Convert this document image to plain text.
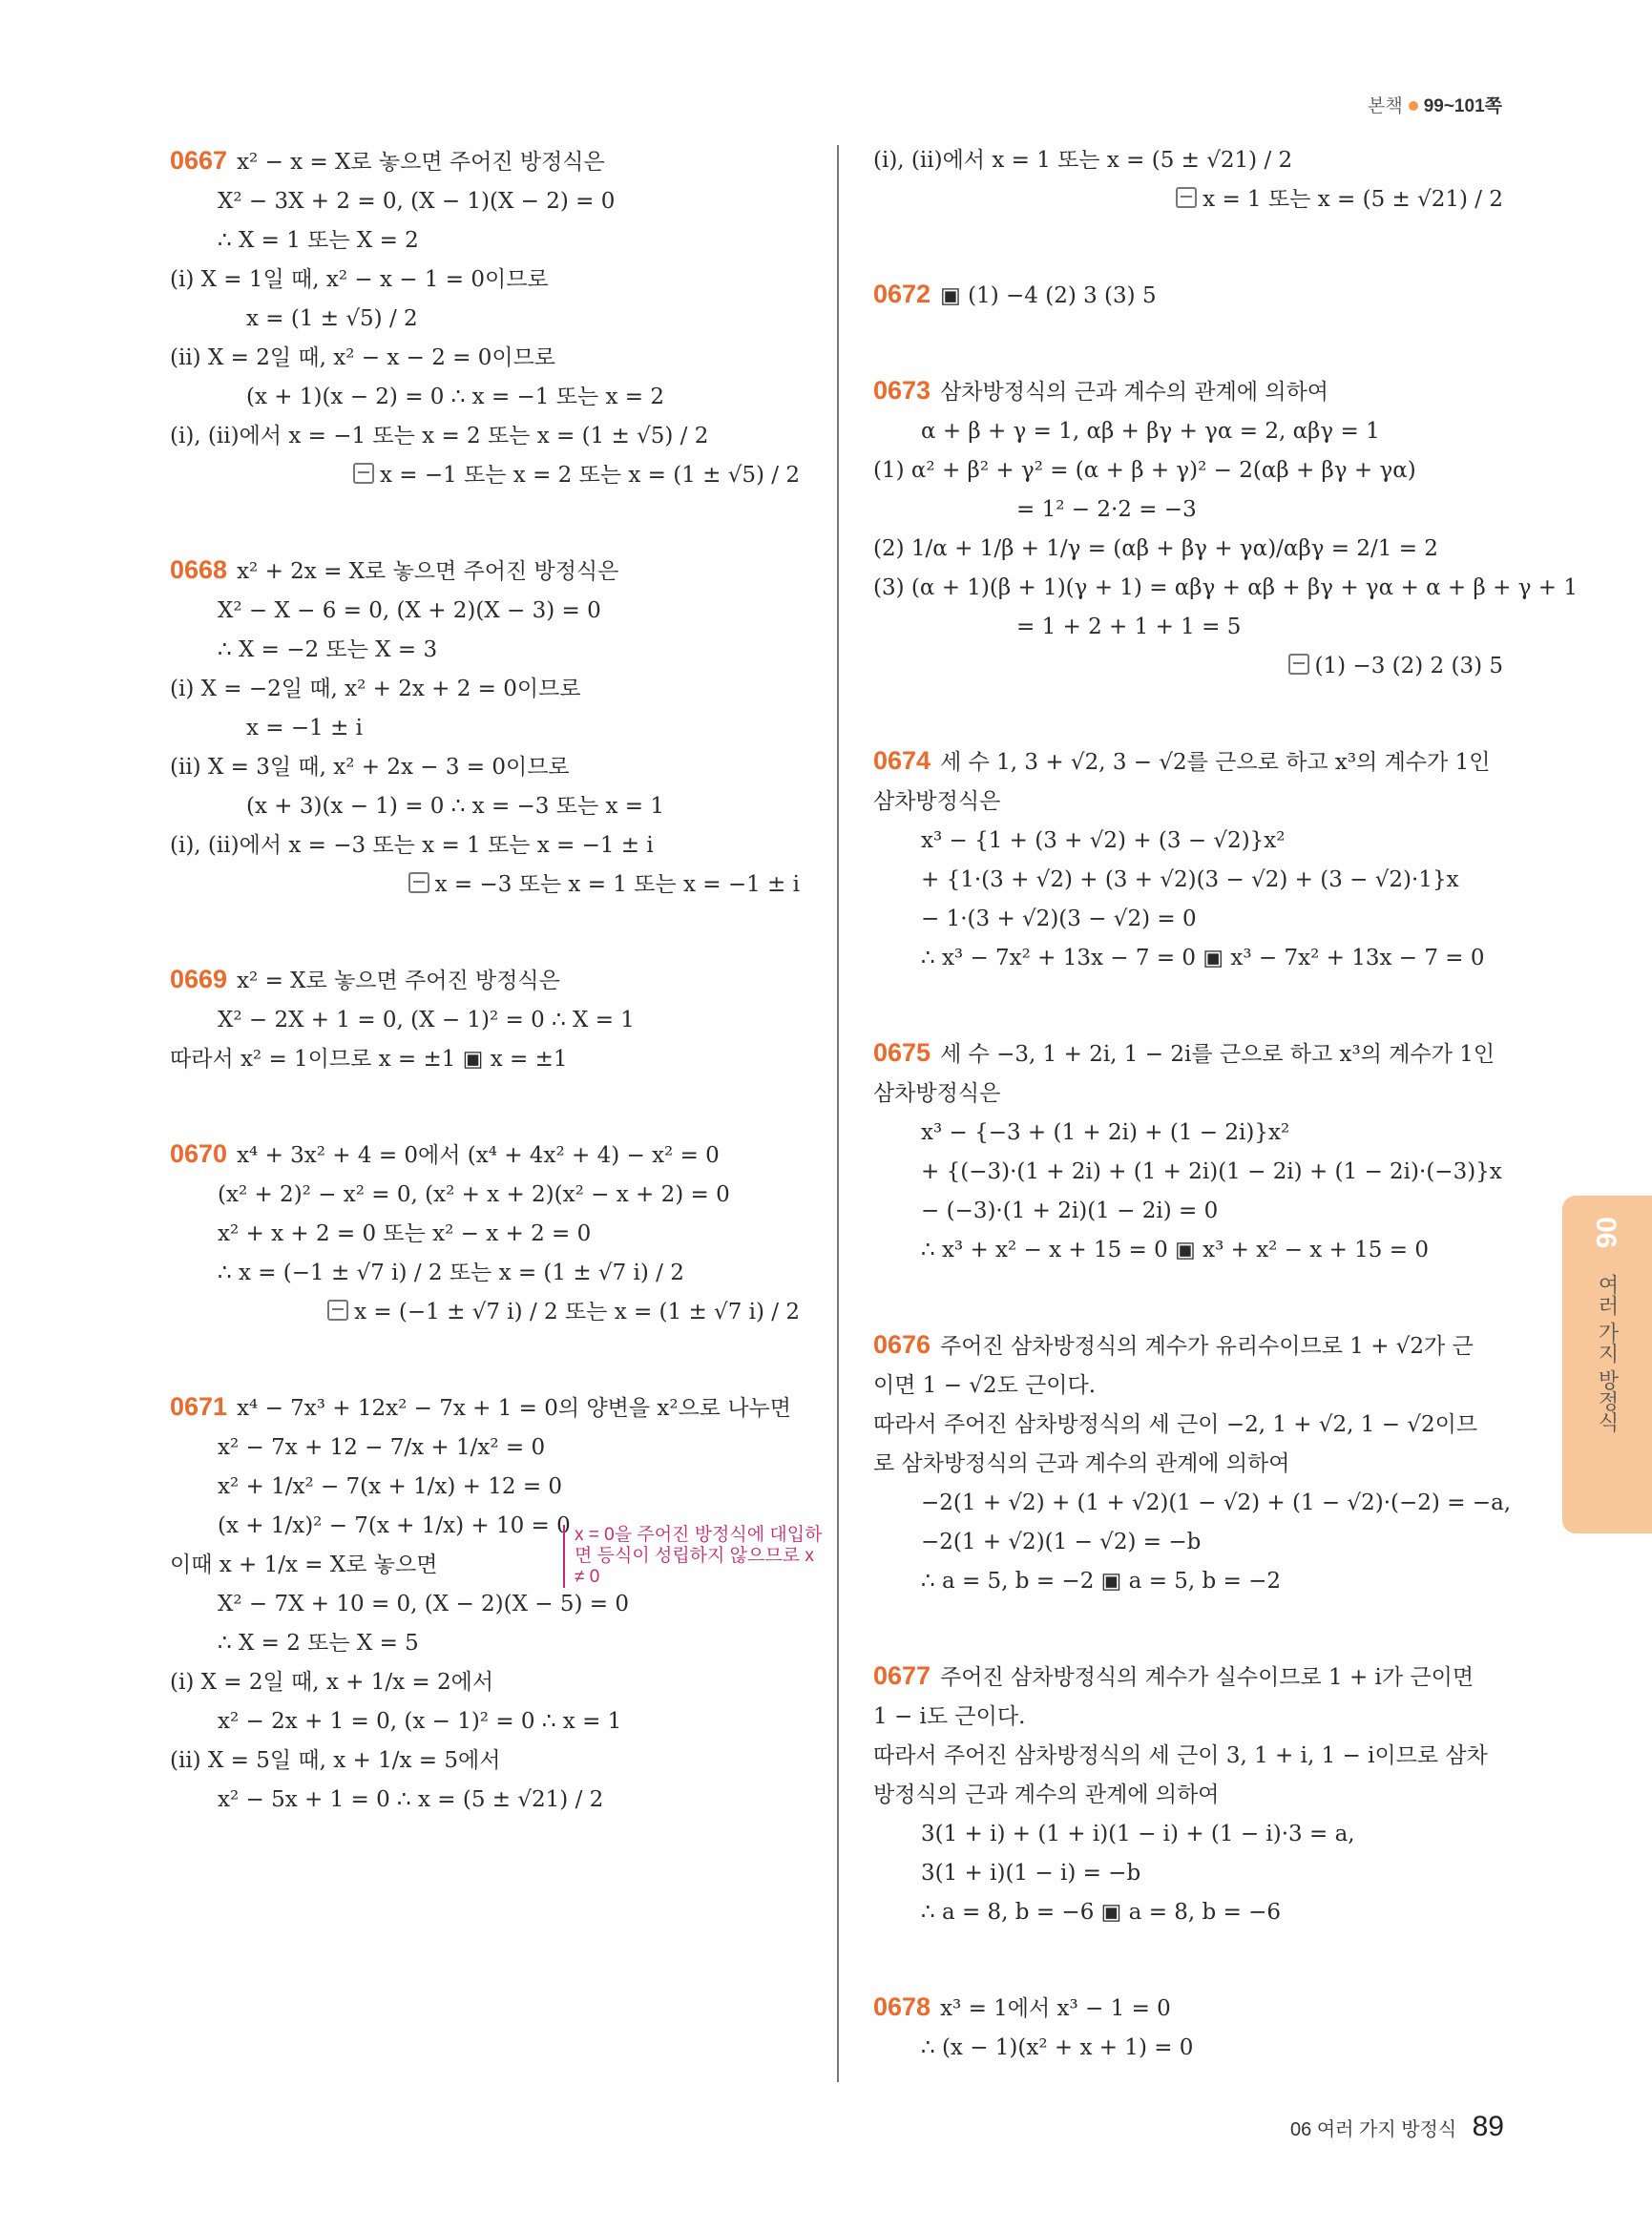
본책 99~101쪽
0667 x² − x = X로 놓으면 주어진 방정식은
X² − 3X + 2 = 0, (X − 1)(X − 2) = 0
∴ X = 1 또는 X = 2
(i) X = 1일 때, x² − x − 1 = 0이므로
x = (1 ± √5) / 2
(ii) X = 2일 때, x² − x − 2 = 0이므로
(x + 1)(x − 2) = 0 ∴ x = −1 또는 x = 2
(i), (ii)에서 x = −1 또는 x = 2 또는 x = (1 ± √5) / 2
x = −1 또는 x = 2 또는 x = (1 ± √5) / 2
0668 x² + 2x = X로 놓으면 주어진 방정식은
X² − X − 6 = 0, (X + 2)(X − 3) = 0
∴ X = −2 또는 X = 3
(i) X = −2일 때, x² + 2x + 2 = 0이므로
x = −1 ± i
(ii) X = 3일 때, x² + 2x − 3 = 0이므로
(x + 3)(x − 1) = 0 ∴ x = −3 또는 x = 1
(i), (ii)에서 x = −3 또는 x = 1 또는 x = −1 ± i
x = −3 또는 x = 1 또는 x = −1 ± i
0669 x² = X로 놓으면 주어진 방정식은
X² − 2X + 1 = 0, (X − 1)² = 0 ∴ X = 1
따라서 x² = 1이므로 x = ±1 ▣ x = ±1
0670 x⁴ + 3x² + 4 = 0에서 (x⁴ + 4x² + 4) − x² = 0
(x² + 2)² − x² = 0, (x² + x + 2)(x² − x + 2) = 0
x² + x + 2 = 0 또는 x² − x + 2 = 0
∴ x = (−1 ± √7 i) / 2 또는 x = (1 ± √7 i) / 2
x = (−1 ± √7 i) / 2 또는 x = (1 ± √7 i) / 2
0671 x⁴ − 7x³ + 12x² − 7x + 1 = 0의 양변을 x²으로 나누면
x² − 7x + 12 − 7/x + 1/x² = 0
x² + 1/x² − 7(x + 1/x) + 12 = 0
(x + 1/x)² − 7(x + 1/x) + 10 = 0
이때 x + 1/x = X로 놓으면
X² − 7X + 10 = 0, (X − 2)(X − 5) = 0
∴ X = 2 또는 X = 5
(i) X = 2일 때, x + 1/x = 2에서
x² − 2x + 1 = 0, (x − 1)² = 0 ∴ x = 1
(ii) X = 5일 때, x + 1/x = 5에서
x² − 5x + 1 = 0 ∴ x = (5 ± √21) / 2
(i), (ii)에서 x = 1 또는 x = (5 ± √21) / 2
x = 1 또는 x = (5 ± √21) / 2
0672 ▣ (1) −4 (2) 3 (3) 5
0673 삼차방정식의 근과 계수의 관계에 의하여
α + β + γ = 1, αβ + βγ + γα = 2, αβγ = 1
(1) α² + β² + γ² = (α + β + γ)² − 2(αβ + βγ + γα)
= 1² − 2·2 = −3
(2) 1/α + 1/β + 1/γ = (αβ + βγ + γα)/αβγ = 2/1 = 2
(3) (α + 1)(β + 1)(γ + 1) = αβγ + αβ + βγ + γα + α + β + γ + 1
= 1 + 2 + 1 + 1 = 5
(1) −3 (2) 2 (3) 5
0674 세 수 1, 3 + √2, 3 − √2를 근으로 하고 x³의 계수가 1인
삼차방정식은
x³ − {1 + (3 + √2) + (3 − √2)}x²
+ {1·(3 + √2) + (3 + √2)(3 − √2) + (3 − √2)·1}x
− 1·(3 + √2)(3 − √2) = 0
∴ x³ − 7x² + 13x − 7 = 0 ▣ x³ − 7x² + 13x − 7 = 0
0675 세 수 −3, 1 + 2i, 1 − 2i를 근으로 하고 x³의 계수가 1인
삼차방정식은
x³ − {−3 + (1 + 2i) + (1 − 2i)}x²
+ {(−3)·(1 + 2i) + (1 + 2i)(1 − 2i) + (1 − 2i)·(−3)}x
− (−3)·(1 + 2i)(1 − 2i) = 0
∴ x³ + x² − x + 15 = 0 ▣ x³ + x² − x + 15 = 0
0676 주어진 삼차방정식의 계수가 유리수이므로 1 + √2가 근
이면 1 − √2도 근이다.
따라서 주어진 삼차방정식의 세 근이 −2, 1 + √2, 1 − √2이므
로 삼차방정식의 근과 계수의 관계에 의하여
−2(1 + √2) + (1 + √2)(1 − √2) + (1 − √2)·(−2) = −a,
−2(1 + √2)(1 − √2) = −b
∴ a = 5, b = −2 ▣ a = 5, b = −2
0677 주어진 삼차방정식의 계수가 실수이므로 1 + i가 근이면
1 − i도 근이다.
따라서 주어진 삼차방정식의 세 근이 3, 1 + i, 1 − i이므로 삼차
방정식의 근과 계수의 관계에 의하여
3(1 + i) + (1 + i)(1 − i) + (1 − i)·3 = a,
3(1 + i)(1 − i) = −b
∴ a = 8, b = −6 ▣ a = 8, b = −6
0678 x³ = 1에서 x³ − 1 = 0
∴ (x − 1)(x² + x + 1) = 0
x = 0을 주어진 방정식에 대입하면 등식이 성립하지 않으므로 x ≠ 0
06
여러 가지 방정식
06 여러 가지 방정식 89
